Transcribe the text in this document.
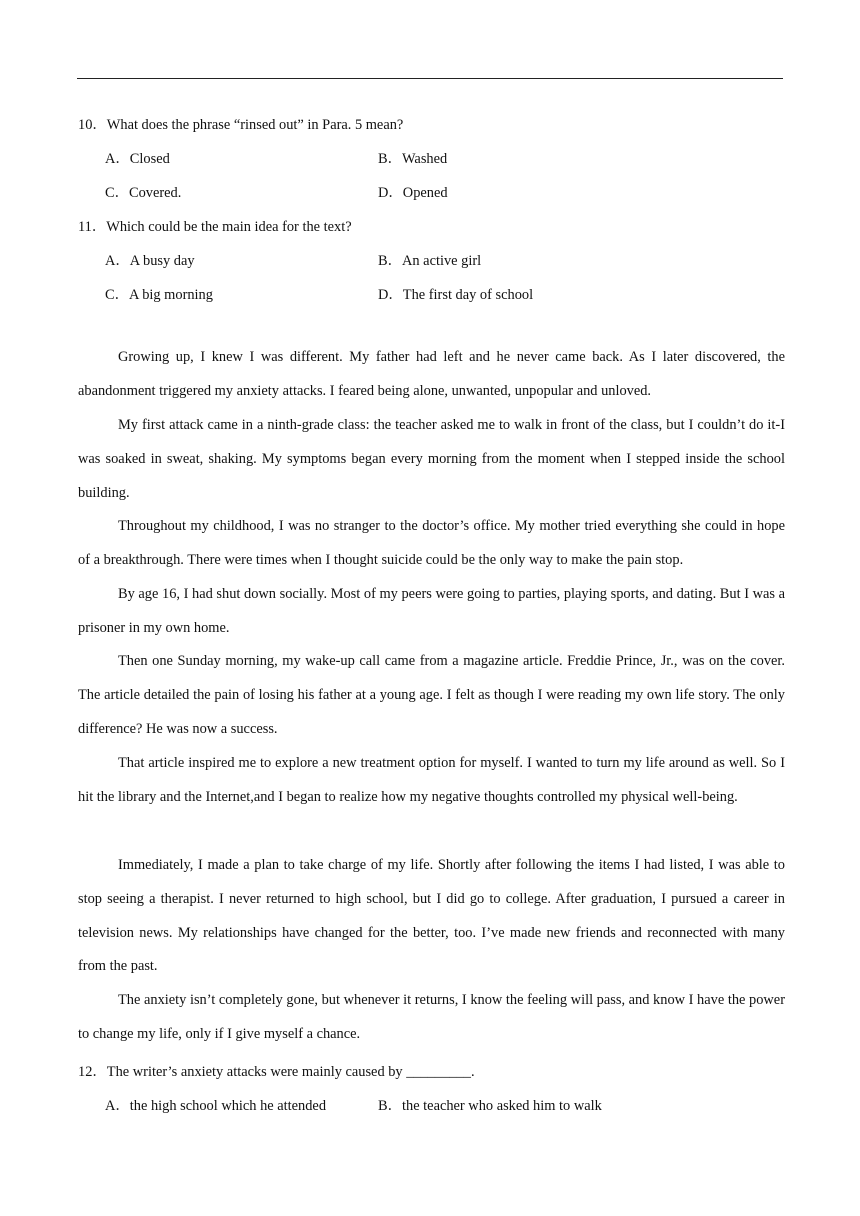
10．What does the phrase “rinsed out” in Para. 5 mean?
A．Closed	B．Washed
C．Covered.	D．Opened
11．Which could be the main idea for the text?
A．A busy day	B．An active girl
C．A big morning	D．The first day of school

Growing up, I knew I was different. My father had left and he never came back. As I later discovered, the abandonment triggered my anxiety attacks. I feared being alone, unwanted, unpopular and unloved.

My first attack came in a ninth-grade class: the teacher asked me to walk in front of the class, but I couldn’t do it-I was soaked in sweat, shaking. My symptoms began every morning from the moment when I stepped inside the school building.

Throughout my childhood, I was no stranger to the doctor’s office. My mother tried everything she could in hope of a breakthrough. There were times when I thought suicide could be the only way to make the pain stop.

By age 16, I had shut down socially. Most of my peers were going to parties, playing sports, and dating. But I was a prisoner in my own home.

Then one Sunday morning, my wake-up call came from a magazine article. Freddie Prince, Jr., was on the cover. The article detailed the pain of losing his father at a young age. I felt as though I were reading my own life story. The only difference? He was now a success.

That article inspired me to explore a new treatment option for myself. I wanted to turn my life around as well. So I hit the library and the Internet,and I began to realize how my negative thoughts controlled my physical well-being.

Immediately, I made a plan to take charge of my life. Shortly after following the items I had listed, I was able to stop seeing a therapist. I never returned to high school, but I did go to college. After graduation, I pursued a career in television news. My relationships have changed for the better, too. I’ve made new friends and reconnected with many from the past.

The anxiety isn’t completely gone, but whenever it returns, I know the feeling will pass, and know I have the power to change my life, only if I give myself a chance.

12．The writer’s anxiety attacks were mainly caused by _________.
A．the high school which he attended	B．the teacher who asked him to walk
